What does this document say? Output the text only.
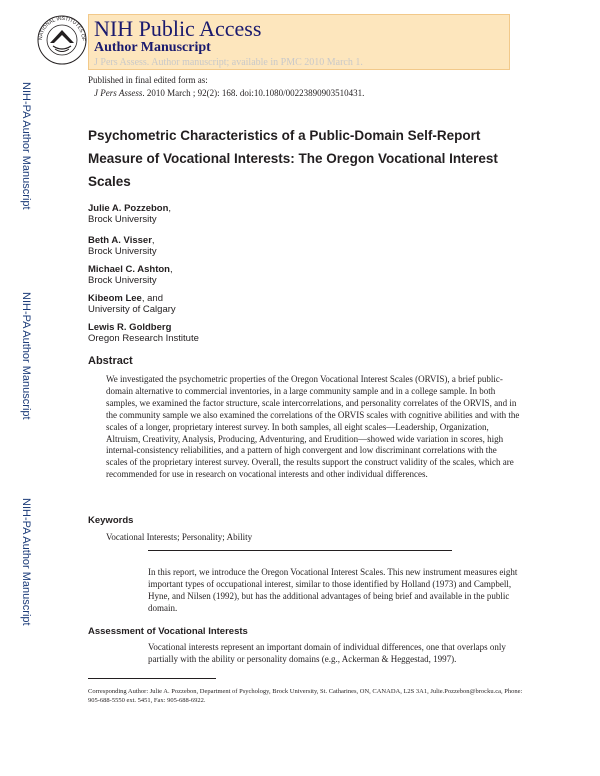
NATIONAL INSTITUTES OF NIH Public Access
Author Manuscript
J Pers Assess. Author manuscript; available in PMC 2010 March 1.
NIH-PA Author Manuscript
NIH-PA Author Manuscript
NIH-PA Author Manuscript
Published in final edited form as:
J Pers Assess. 2010 March ; 92(2): 168. doi:10.1080/00223890903510431.
Psychometric Characteristics of a Public-Domain Self-Report Measure of Vocational Interests: The Oregon Vocational Interest Scales
Julie A. Pozzebon,
Brock University
Beth A. Visser,
Brock University
Michael C. Ashton,
Brock University
Kibeom Lee, and
University of Calgary
Lewis R. Goldberg
Oregon Research Institute
Abstract
We investigated the psychometric properties of the Oregon Vocational Interest Scales (ORVIS), a brief public-domain alternative to commercial inventories, in a large community sample and in a college sample. In both samples, we examined the factor structure, scale intercorrelations, and personality correlates of the ORVIS, and in the community sample we also examined the correlations of the ORVIS scales with cognitive abilities and with the scales of a longer, proprietary interest survey. In both samples, all eight scales—Leadership, Organization, Altruism, Creativity, Analysis, Producing, Adventuring, and Erudition—showed wide variation in scores, high internal-consistency reliabilities, and a pattern of high convergent and low discriminant correlations with the scales of the proprietary interest survey. Overall, the results support the construct validity of the scales, which are recommended for use in research on vocational interests and other individual differences.
Keywords
Vocational Interests; Personality; Ability
In this report, we introduce the Oregon Vocational Interest Scales. This new instrument measures eight important types of occupational interest, similar to those identified by Holland (1973) and Campbell, Hyne, and Nilsen (1992), but has the additional advantages of being brief and available in the public domain.
Assessment of Vocational Interests
Vocational interests represent an important domain of individual differences, one that overlaps only partially with the ability or personality domains (e.g., Ackerman & Heggestad, 1997).
Corresponding Author: Julie A. Pozzebon, Department of Psychology, Brock University, St. Catharines, ON, CANADA, L2S 3A1, Julie.Pozzebon@brocku.ca, Phone: 905-688-5550 ext. 5451, Fax: 905-688-6922.
